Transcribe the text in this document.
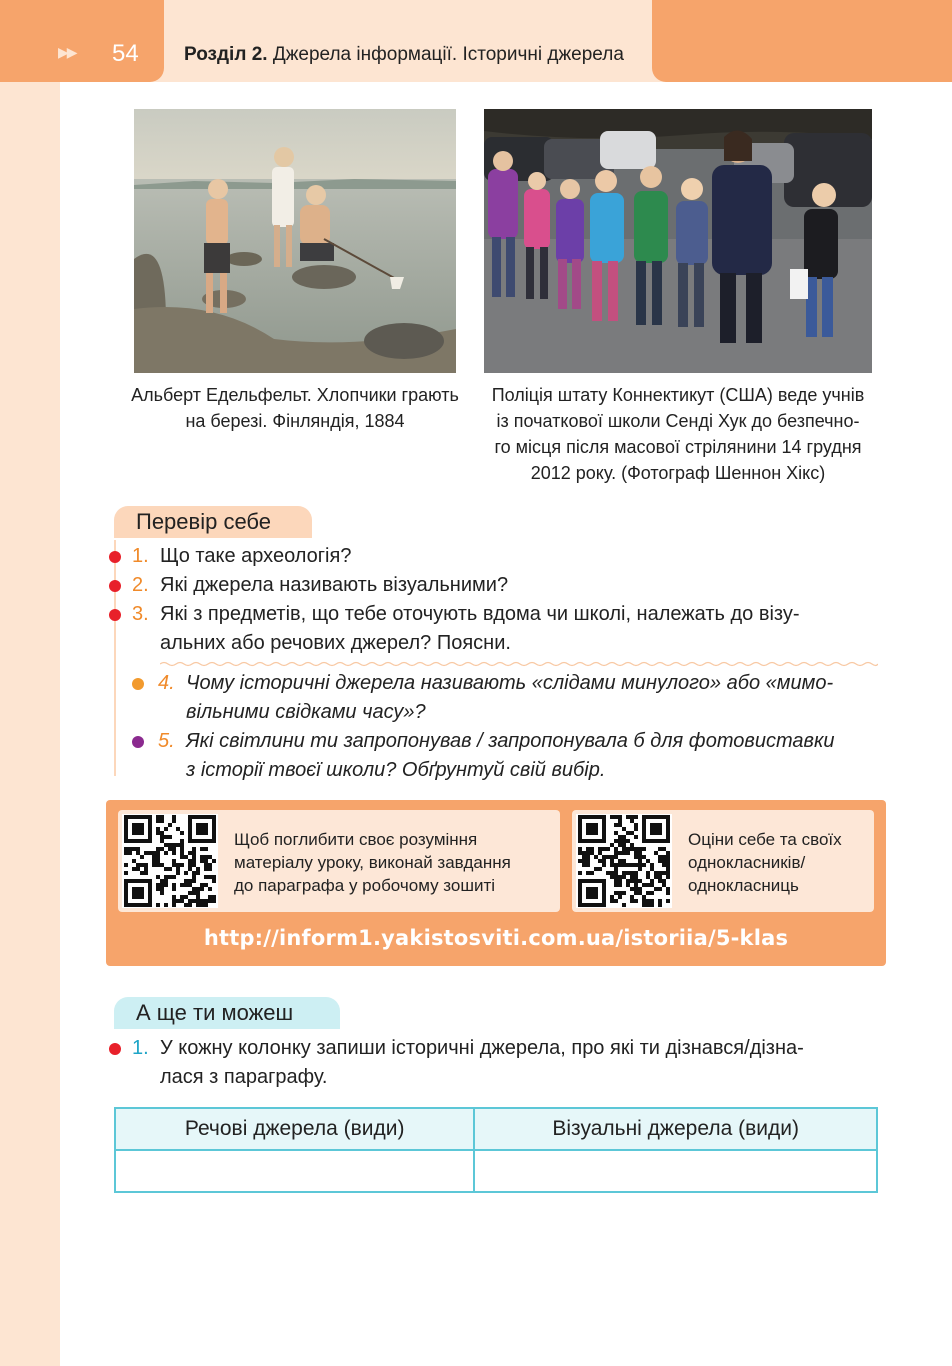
▶▶ 54 Розділ 2. Джерела інформації. Історичні джерела
Альберт Едельфельт. Хлопчики грають
на березі. Фінляндія, 1884
Поліція штату Коннектикут (США) веде учнів
із початкової школи Сенді Хук до безпечно-
го місця після масової стрілянини 14 грудня
2012 року. (Фотограф Шеннон Хікс)
Перевір себе
1. Що таке археологія?
2. Які джерела називають візуальними?
3. Які з предметів, що тебе оточують вдома чи школі, належать до візу-
альних або речових джерел? Поясни.
4. Чому історичні джерела називають «слідами минулого» або «мимо-
вільними свідками часу»?
5. Які світлини ти запропонував / запропонувала б для фотовиставки
з історії твоєї школи? Обґрунтуй свій вибір.
Щоб поглибити своє розуміння
матеріалу уроку, виконай завдання
до параграфа у робочому зошиті
Оціни себе та своїх
однокласників/
однокласниць
http://inform1.yakistosviti.com.ua/istoriia/5-klas
А ще ти можеш
1. У кожну колонку запиши історичні джерела, про які ти дізнався/дізна-
лася з параграфу.
Речові джерела (види)	Візуальні джерела (види)
